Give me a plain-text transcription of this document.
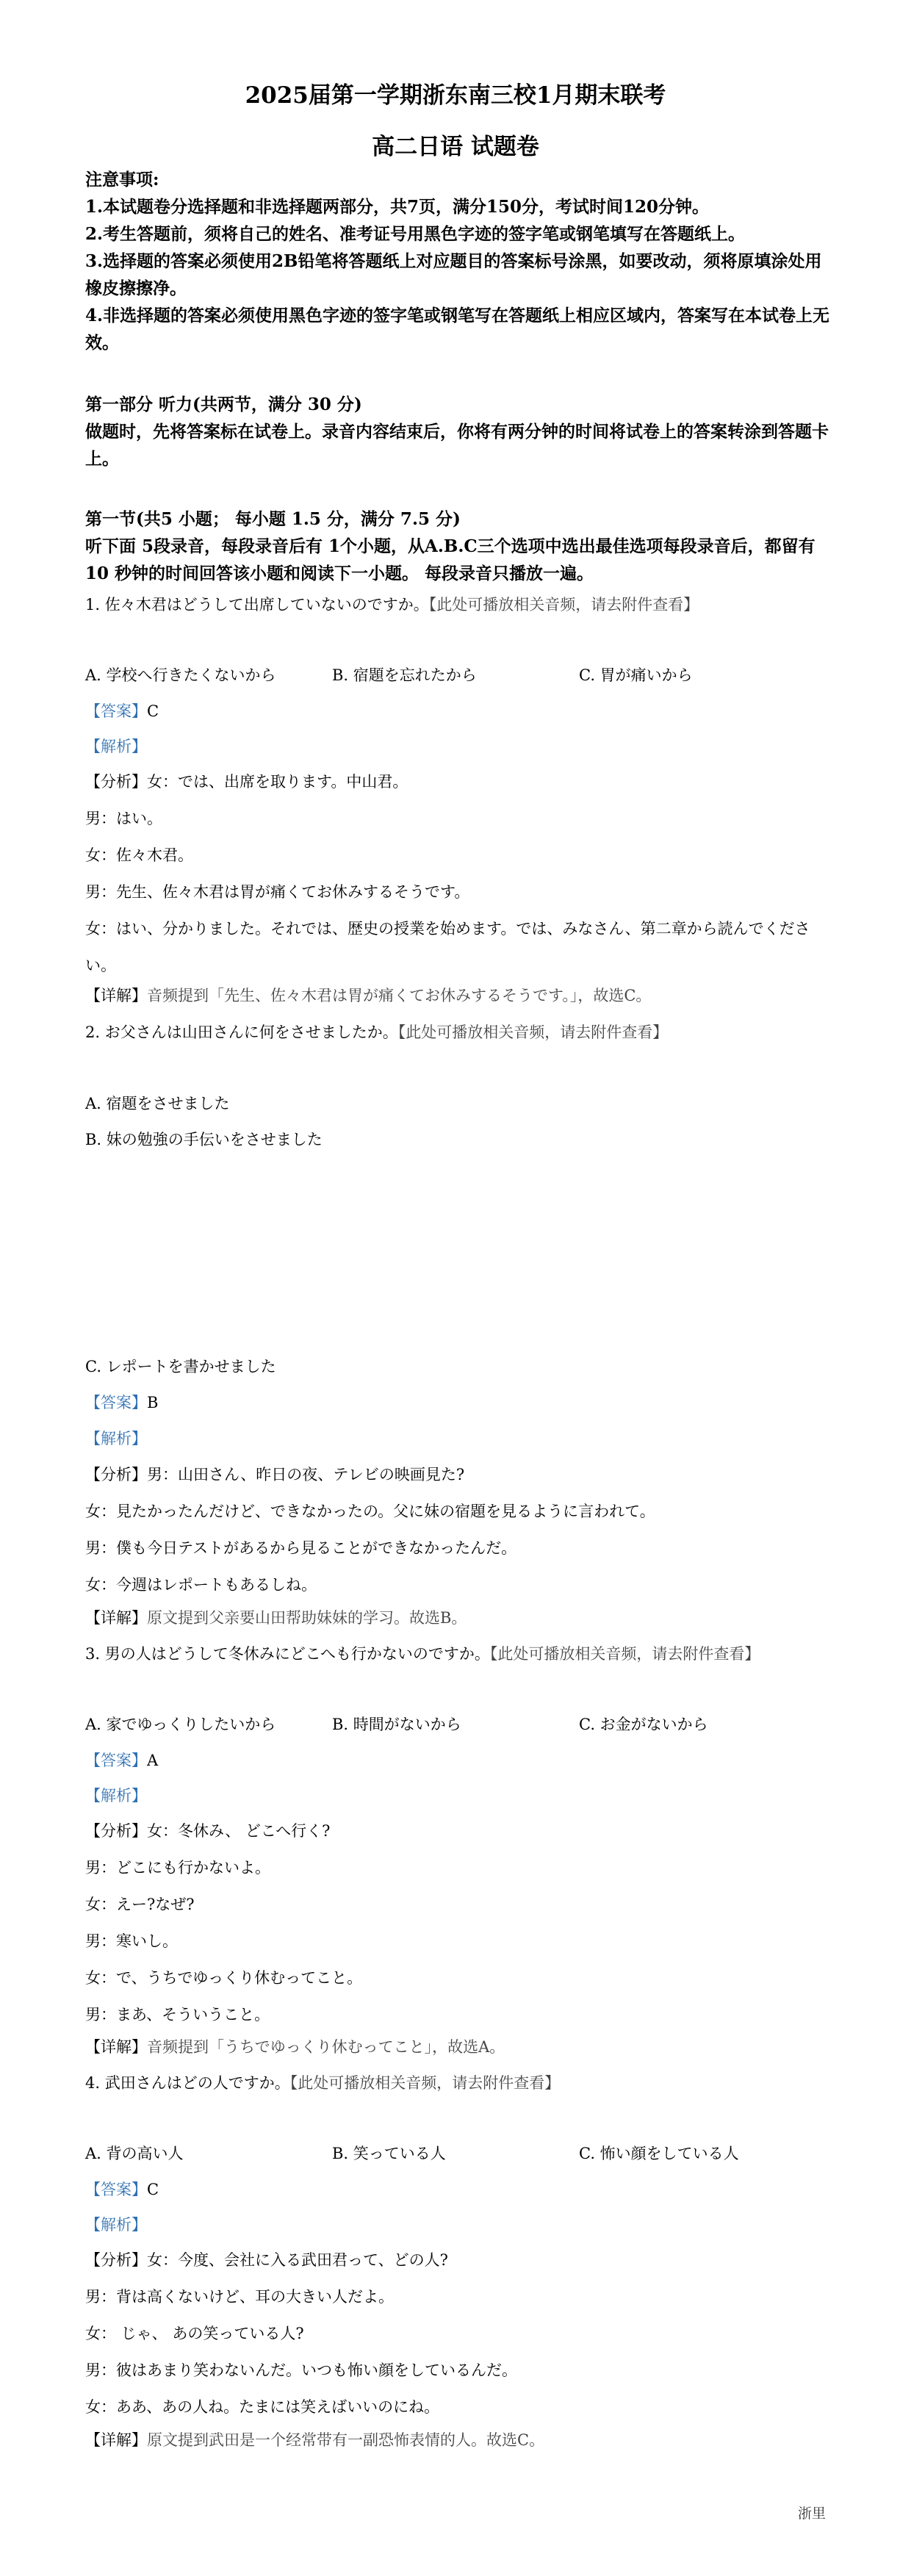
2025届第一学期浙东南三校1月期末联考
高二日语 试题卷
注意事项:
1.本试题卷分选择题和非选择题两部分，共7页，满分150分，考试时间120分钟。
2.考生答题前，须将自己的姓名、准考证号用黑色字迹的签字笔或钢笔填写在答题纸上。
3.选择题的答案必须使用2B铅笔将答题纸上对应题目的答案标号涂黑，如要改动，须将原填涂处用橡皮擦擦净。
4.非选择题的答案必须使用黑色字迹的签字笔或钢笔写在答题纸上相应区域内，答案写在本试卷上无效。
第一部分 听力(共两节，满分 30 分)
做题时，先将答案标在试卷上。录音内容结束后，你将有两分钟的时间将试卷上的答案转涂到答题卡上。
第一节(共5 小题； 每小题 1.5 分，满分 7.5 分)
听下面 5段录音，每段录音后有 1个小题，从A.B.C三个选项中选出最佳选项每段录音后，都留有 10 秒钟的时间回答该小题和阅读下一小题。 每段录音只播放一遍。
1. 佐々木君はどうして出席していないのですか。【此处可播放相关音频，请去附件查看】
A. 学校へ行きたくないから	B. 宿題を忘れたから	C. 胃が痛いから
【答案】C
【解析】
【分析】女：では、出席を取ります。中山君。
男：はい。
女：佐々木君。
男：先生、佐々木君は胃が痛くてお休みするそうです。
女：はい、分かりました。それでは、歴史の授業を始めます。では、みなさん、第二章から読んでください。
【详解】音频提到「先生、佐々木君は胃が痛くてお休みするそうです。」，故选C。
2. お父さんは山田さんに何をさせましたか。【此处可播放相关音频，请去附件查看】
A. 宿題をさせました
B. 妹の勉強の手伝いをさせました
C. レポートを書かせました
【答案】B
【解析】
【分析】男：山田さん、昨日の夜、テレビの映画見た?
女：見たかったんだけど、できなかったの。父に妹の宿題を見るように言われて。
男：僕も今日テストがあるから見ることができなかったんだ。
女：今週はレポートもあるしね。
【详解】原文提到父亲要山田帮助妹妹的学习。故选B。
3. 男の人はどうして冬休みにどこへも行かないのですか。【此处可播放相关音频，请去附件查看】
A. 家でゆっくりしたいから	B. 時間がないから	C. お金がないから
【答案】A
【解析】
【分析】女：冬休み、 どこへ行く?
男：どこにも行かないよ。
女：えー?なぜ?
男：寒いし。
女：で、うちでゆっくり休むってこと。
男：まあ、そういうこと。
【详解】音频提到「うちでゆっくり休むってこと」，故选A。
4. 武田さんはどの人ですか。【此处可播放相关音频，请去附件查看】
A. 背の高い人	B. 笑っている人	C. 怖い顔をしている人
【答案】C
【解析】
【分析】女：今度、会社に入る武田君って、どの人?
男：背は高くないけど、耳の大きい人だよ。
女： じゃ、 あの笑っている人?
男：彼はあまり笑わないんだ。いつも怖い顔をしているんだ。
女：ああ、あの人ね。たまには笑えばいいのにね。
【详解】原文提到武田是一个经常带有一副恐怖表情的人。故选C。
浙里
